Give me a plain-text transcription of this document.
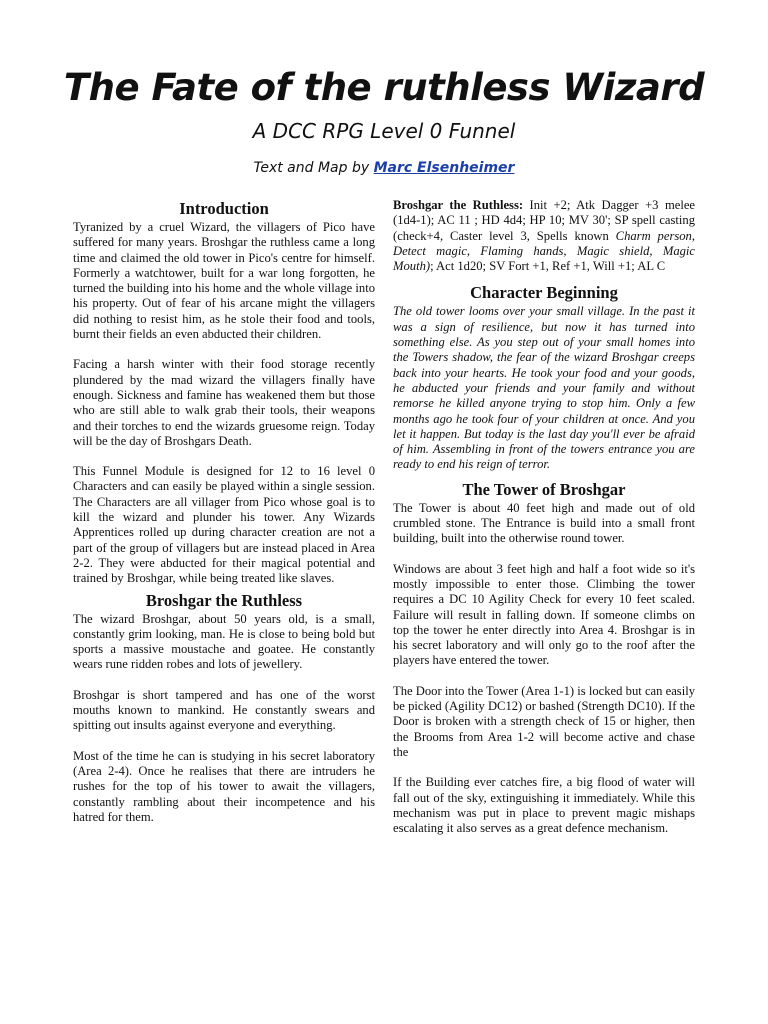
The Fate of the ruthless Wizard
A DCC RPG Level 0 Funnel
Text and Map by Marc Elsenheimer
Introduction

Tyranized by a cruel Wizard, the villagers of Pico have suffered for many years. Broshgar the ruthless came a long time and claimed the old tower in Pico's centre for himself. Formerly a watchtower, built for a war long forgotten, he turned the building into his home and the whole village into his property. Out of fear of his arcane might the villagers did nothing to resist him, as he stole their food and tools, burnt their fields an even abducted their children.

Facing a harsh winter with their food storage recently plundered by the mad wizard the villagers finally have enough. Sickness and famine has weakened them but those who are still able to walk grab their tools, their weapons and their torches to end the wizards gruesome reign. Today will be the day of Broshgars Death.

This Funnel Module is designed for 12 to 16 level 0 Characters and can easily be played within a single session. The Characters are all villager from Pico whose goal is to kill the wizard and plunder his tower. Any Wizards Apprentices rolled up during character creation are not a part of the group of villagers but are instead placed in Area 2-2. They were abducted for their magical potential and trained by Broshgar, while being treated like slaves.

Broshgar the Ruthless

The wizard Broshgar, about 50 years old, is a small, constantly grim looking, man. He is close to being bold but sports a massive moustache and goatee. He constantly wears rune ridden robes and lots of jewellery.

Broshgar is short tampered and has one of the worst mouths known to mankind. He constantly swears and spitting out insults against everyone and everything.

Most of the time he can is studying in his secret laboratory (Area 2-4). Once he realises that there are intruders he rushes for the top of his tower to await the villagers, constantly rambling about their incompetence and his hatred for them.

Broshgar the Ruthless: Init +2; Atk Dagger +3 melee (1d4-1); AC 11 ; HD 4d4; HP 10; MV 30'; SP spell casting (check+4, Caster level 3, Spells known Charm person, Detect magic, Flaming hands, Magic shield, Magic Mouth); Act 1d20; SV Fort +1, Ref +1, Will +1; AL C

Character Beginning

The old tower looms over your small village. In the past it was a sign of resilience, but now it has turned into something else. As you step out of your small homes into the Towers shadow, the fear of the wizard Broshgar creeps back into your hearts. He took your food and your goods, he abducted your friends and your family and without remorse he killed anyone trying to stop him. Only a few months ago he took four of your children at once. And you let it happen. But today is the last day you'll ever be afraid of him. Assembling in front of the towers entrance you are ready to end his reign of terror.

The Tower of Broshgar

The Tower is about 40 feet high and made out of old crumbled stone. The Entrance is build into a small front building, built into the otherwise round tower.

Windows are about 3 feet high and half a foot wide so it's mostly impossible to enter those. Climbing the tower requires a DC 10 Agility Check for every 10 feet scaled. Failure will result in falling down. If someone climbs on top the tower he enter directly into Area 4. Broshgar is in his secret laboratory and will only go to the roof after the players have entered the tower.

The Door into the Tower (Area 1-1) is locked but can easily be picked (Agility DC12) or bashed (Strength DC10). If the Door is broken with a strength check of 15 or higher, then the Brooms from Area 1-2 will become active and chase the

If the Building ever catches fire, a big flood of water will fall out of the sky, extinguishing it immediately. While this mechanism was put in place to prevent magic mishaps escalating it also serves as a great defence mechanism.
